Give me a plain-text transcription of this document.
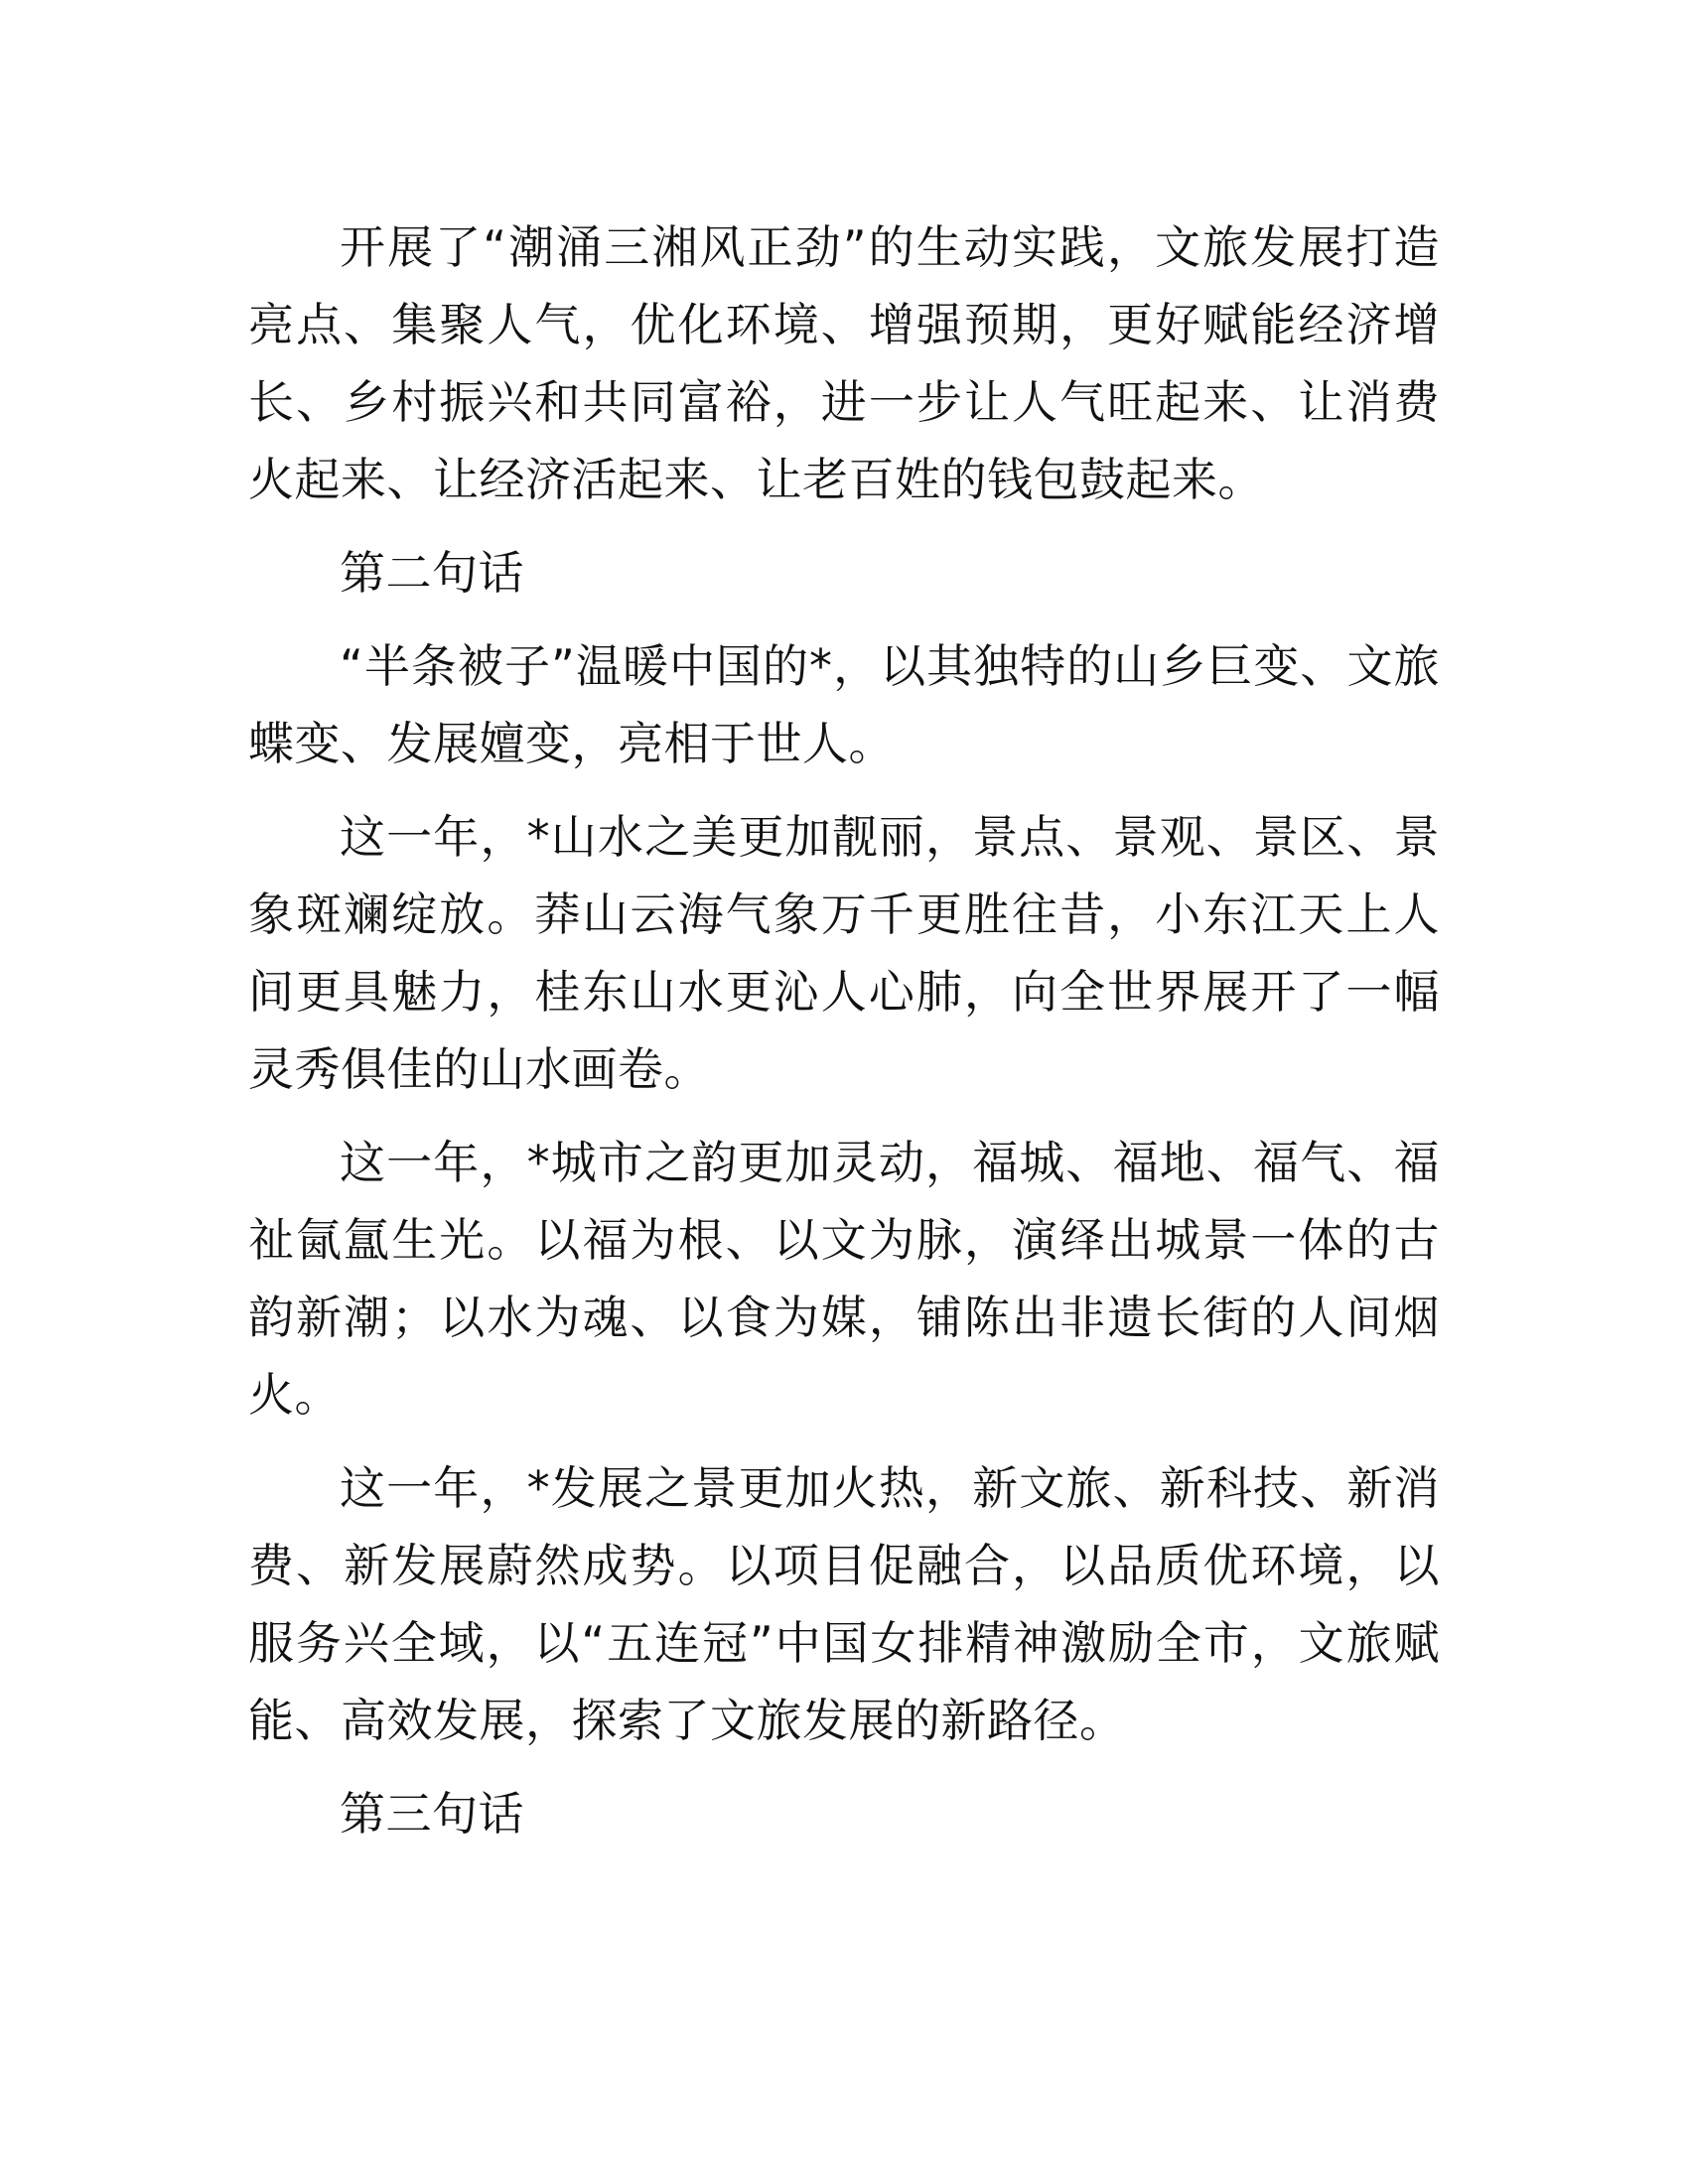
开展了“潮涌三湘风正劲”的生动实践，文旅发展打造亮点、集聚人气，优化环境、增强预期，更好赋能经济增长、乡村振兴和共同富裕，进一步让人气旺起来、让消费火起来、让经济活起来、让老百姓的钱包鼓起来。

第二句话

“半条被子”温暖中国的*，以其独特的山乡巨变、文旅蝶变、发展嬗变，亮相于世人。

这一年，*山水之美更加靓丽，景点、景观、景区、景象斑斓绽放。莽山云海气象万千更胜往昔，小东江天上人间更具魅力，桂东山水更沁人心肺，向全世界展开了一幅灵秀俱佳的山水画卷。

这一年，*城市之韵更加灵动，福城、福地、福气、福祉氤氲生光。以福为根、以文为脉，演绎出城景一体的古韵新潮；以水为魂、以食为媒，铺陈出非遗长街的人间烟火。

这一年，*发展之景更加火热，新文旅、新科技、新消费、新发展蔚然成势。以项目促融合，以品质优环境，以服务兴全域，以“五连冠”中国女排精神激励全市，文旅赋能、高效发展，探索了文旅发展的新路径。

第三句话
